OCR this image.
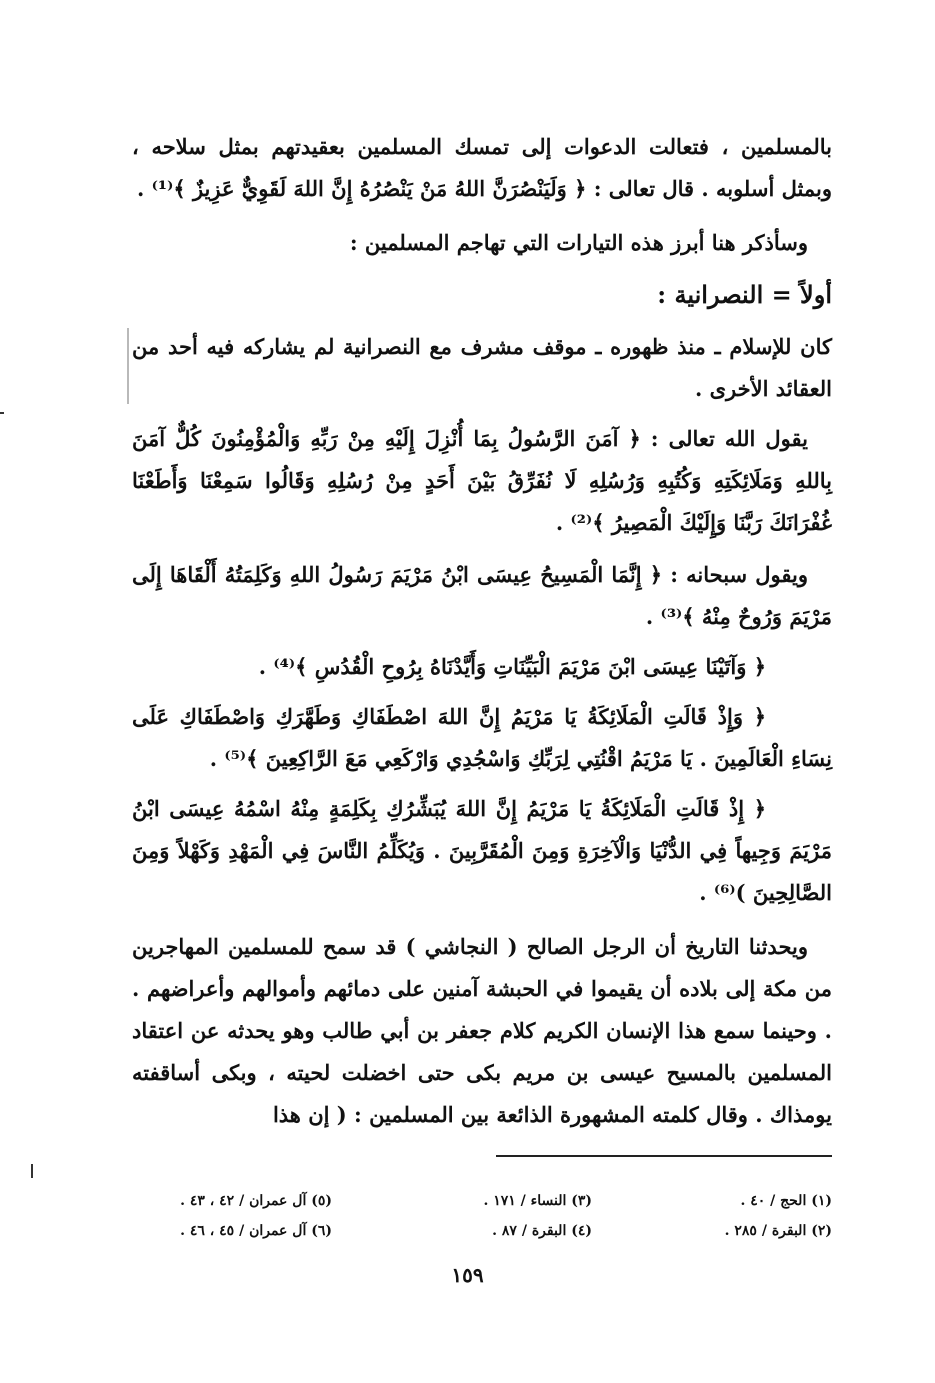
بالمسلمين ، فتعالت الدعوات إلى تمسك المسلمين بعقيدتهم بمثل سلاحه ، وبمثل أسلوبه . قال تعالى : ﴿ وَلَيَنْصُرَنَّ اللهُ مَنْ يَنْصُرُهُ إِنَّ اللهَ لَقَوِيٌّ عَزِيزٌ ﴾⁽¹⁾ .

وسأذكر هنا أبرز هذه التيارات التي تهاجم المسلمين :

أولاً = النصرانية :

كان للإسلام ـ منذ ظهوره ـ موقف مشرف مع النصرانية لم يشاركه فيه أحد من العقائد الأخرى .

يقول الله تعالى : ﴿ آمَنَ الرَّسُولُ بِمَا أُنْزِلَ إِلَيْهِ مِنْ رَبِّهِ وَالْمُؤْمِنُونَ كُلٌّ آمَنَ بِاللهِ وَمَلَائِكَتِهِ وَكُتُبِهِ وَرُسُلِهِ لَا نُفَرِّقُ بَيْنَ أَحَدٍ مِنْ رُسُلِهِ وَقَالُوا سَمِعْنَا وَأَطَعْنَا غُفْرَانَكَ رَبَّنَا وَإِلَيْكَ الْمَصِيرُ ﴾⁽²⁾ .

ويقول سبحانه : ﴿ إِنَّمَا الْمَسِيحُ عِيسَى ابْنُ مَرْيَمَ رَسُولُ اللهِ وَكَلِمَتُهُ أَلْقَاهَا إِلَى مَرْيَمَ وَرُوحٌ مِنْهُ ﴾⁽³⁾ .

﴿ وَآتَيْنَا عِيسَى ابْنَ مَرْيَمَ الْبَيِّنَاتِ وَأَيَّدْنَاهُ بِرُوحِ الْقُدُسِ ﴾⁽⁴⁾ .

﴿ وَإِذْ قَالَتِ الْمَلَائِكَةُ يَا مَرْيَمُ إِنَّ اللهَ اصْطَفَاكِ وَطَهَّرَكِ وَاصْطَفَاكِ عَلَى نِسَاءِ الْعَالَمِينَ . يَا مَرْيَمُ اقْنُتِي لِرَبِّكِ وَاسْجُدِي وَارْكَعِي مَعَ الرَّاكِعِينَ ﴾⁽⁵⁾ .

﴿ إِذْ قَالَتِ الْمَلَائِكَةُ يَا مَرْيَمُ إِنَّ اللهَ يُبَشِّرُكِ بِكَلِمَةٍ مِنْهُ اسْمُهُ عِيسَى ابْنُ مَرْيَمَ وَجِيهاً فِي الدُّنْيَا وَالْآخِرَةِ وَمِنَ الْمُقَرَّبِينَ . وَيُكَلِّمُ النَّاسَ فِي الْمَهْدِ وَكَهْلاً وَمِنَ الصَّالِحِينَ )⁽⁶⁾ .

ويحدثنا التاريخ أن الرجل الصالح ( النجاشي ) قد سمح للمسلمين المهاجرين من مكة إلى بلاده أن يقيموا في الحبشة آمنين على دمائهم وأموالهم وأعراضهم . . وحينما سمع هذا الإنسان الكريم كلام جعفر بن أبي طالب وهو يحدثه عن اعتقاد المسلمين بالمسيح عيسى بن مريم بكى حتى اخضلت لحيته ، وبكى أساقفته يومذاك . وقال كلمته المشهورة الذائعة بين المسلمين : ( إن هذا

(١) الحج / ٤٠ .
(٢) البقرة / ٢٨٥ .
(٣) النساء / ١٧١ .
(٤) البقرة / ٨٧ .
(٥) آل عمران / ٤٢ ، ٤٣ .
(٦) آل عمران / ٤٥ ، ٤٦ .
١٥٩
